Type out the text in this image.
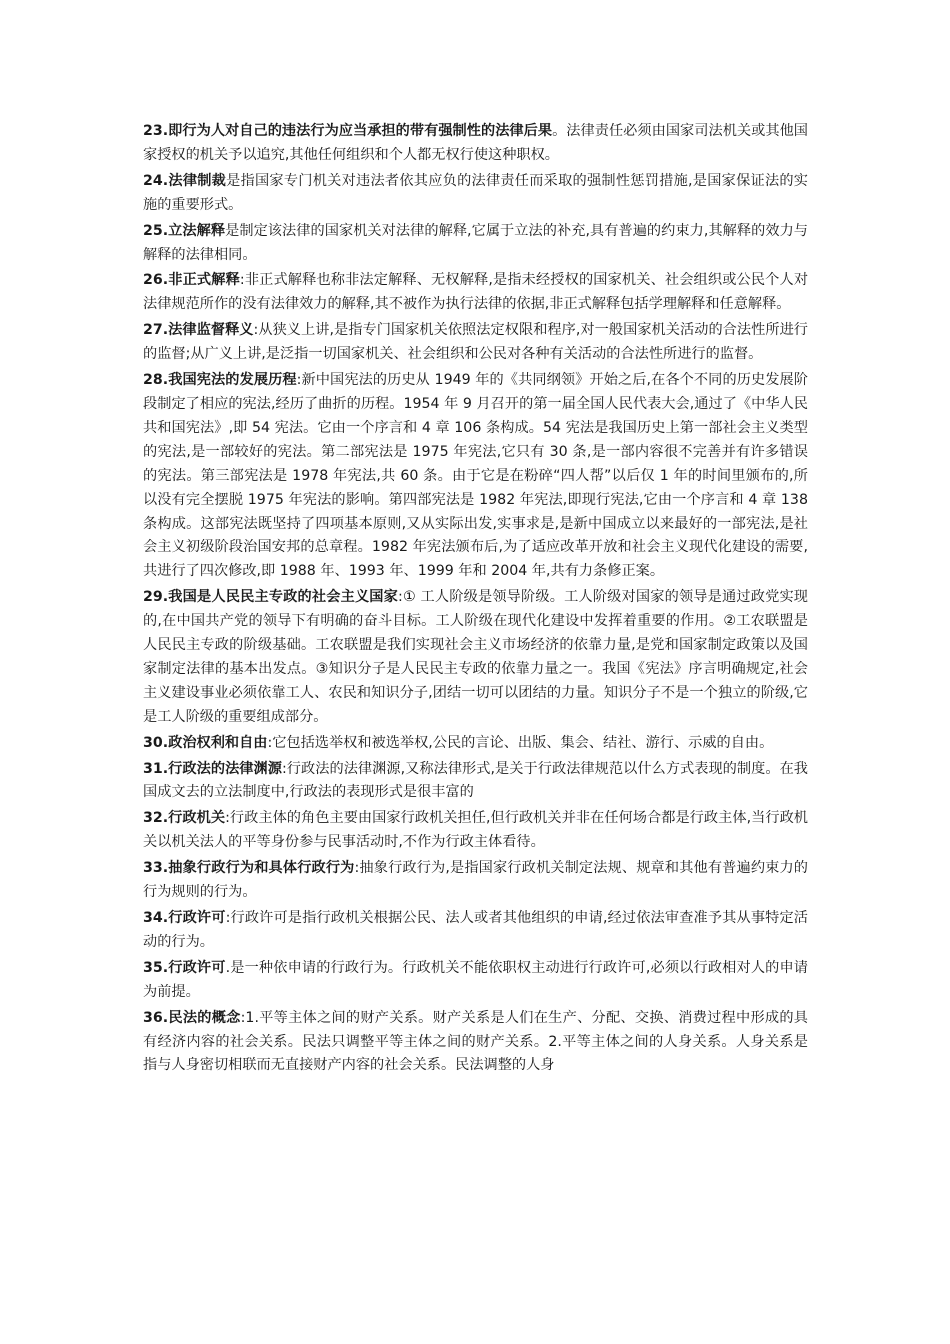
23.即行为人对自己的违法行为应当承担的带有强制性的法律后果。法律责任必须由国家司法机关或其他国家授权的机关予以追究,其他任何组织和个人都无权行使这种职权。

24.法律制裁是指国家专门机关对违法者依其应负的法律责任而采取的强制性惩罚措施,是国家保证法的实施的重要形式。

25.立法解释是制定该法律的国家机关对法律的解释,它属于立法的补充,具有普遍的约束力,其解释的效力与解释的法律相同。

26.非正式解释:非正式解释也称非法定解释、无权解释,是指未经授权的国家机关、社会组织或公民个人对法律规范所作的没有法律效力的解释,其不被作为执行法律的依据,非正式解释包括学理解释和任意解释。

27.法律监督释义:从狭义上讲,是指专门国家机关依照法定权限和程序,对一般国家机关活动的合法性所进行的监督;从广义上讲,是泛指一切国家机关、社会组织和公民对各种有关活动的合法性所进行的监督。

28.我国宪法的发展历程:新中国宪法的历史从 1949 年的《共同纲领》开始之后,在各个不同的历史发展阶段制定了相应的宪法,经历了曲折的历程。1954 年 9 月召开的第一届全国人民代表大会,通过了《中华人民共和国宪法》,即 54 宪法。它由一个序言和 4 章 106 条构成。54 宪法是我国历史上第一部社会主义类型的宪法,是一部较好的宪法。第二部宪法是 1975 年宪法,它只有 30 条,是一部内容很不完善并有许多错误的宪法。第三部宪法是 1978 年宪法,共 60 条。由于它是在粉碎“四人帮”以后仅 1 年的时间里颁布的,所以没有完全摆脱 1975 年宪法的影响。第四部宪法是 1982 年宪法,即现行宪法,它由一个序言和 4 章 138 条构成。这部宪法既坚持了四项基本原则,又从实际出发,实事求是,是新中国成立以来最好的一部宪法,是社会主义初级阶段治国安邦的总章程。1982 年宪法颁布后,为了适应改革开放和社会主义现代化建设的需要,共进行了四次修改,即 1988 年、1993 年、1999 年和 2004 年,共有力条修正案。

29.我国是人民民主专政的社会主义国家:① 工人阶级是领导阶级。工人阶级对国家的领导是通过政党实现的,在中国共产党的领导下有明确的奋斗目标。工人阶级在现代化建设中发挥着重要的作用。②工农联盟是人民民主专政的阶级基础。工农联盟是我们实现社会主义市场经济的依靠力量,是党和国家制定政策以及国家制定法律的基本出发点。③知识分子是人民民主专政的依靠力量之一。我国《宪法》序言明确规定,社会主义建设事业必须依靠工人、农民和知识分子,团结一切可以团结的力量。知识分子不是一个独立的阶级,它是工人阶级的重要组成部分。

30.政治权利和自由:它包括选举权和被选举权,公民的言论、出版、集会、结社、游行、示威的自由。

31.行政法的法律渊源:行政法的法律渊源,又称法律形式,是关于行政法律规范以什么方式表现的制度。在我国成文去的立法制度中,行政法的表现形式是很丰富的

32.行政机关:行政主体的角色主要由国家行政机关担任,但行政机关并非在任何场合都是行政主体,当行政机关以机关法人的平等身份参与民事活动时,不作为行政主体看待。

33.抽象行政行为和具体行政行为:抽象行政行为,是指国家行政机关制定法规、规章和其他有普遍约束力的行为规则的行为。

34.行政许可:行政许可是指行政机关根据公民、法人或者其他组织的申请,经过依法审查准予其从事特定活动的行为。

35.行政许可.是一种依申请的行政行为。行政机关不能依职权主动进行行政许可,必须以行政相对人的申请为前提。

36.民法的概念:1.平等主体之间的财产关系。财产关系是人们在生产、分配、交换、消费过程中形成的具有经济内容的社会关系。民法只调整平等主体之间的财产关系。2.平等主体之间的人身关系。人身关系是指与人身密切相联而无直接财产内容的社会关系。民法调整的人身
